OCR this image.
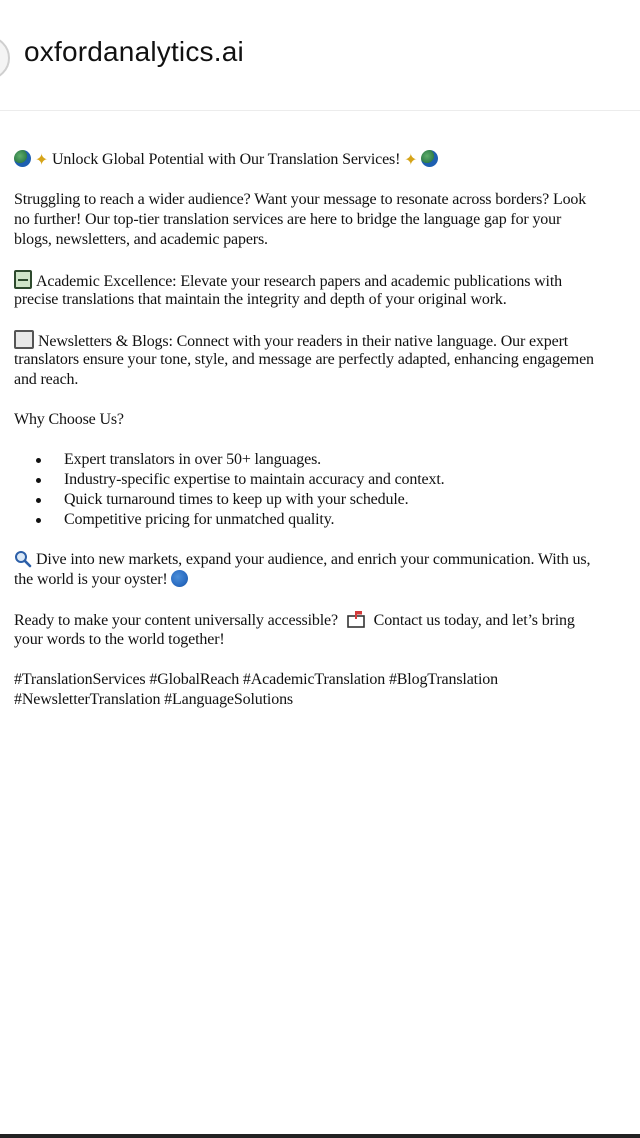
oxfordanalytics.ai
✦ Unlock Global Potential with Our Translation Services! ✦
Struggling to reach a wider audience? Want your message to resonate across borders? Look
no further! Our top-tier translation services are here to bridge the language gap for your
blogs, newsletters, and academic papers.
Academic Excellence: Elevate your research papers and academic publications with
precise translations that maintain the integrity and depth of your original work.
Newsletters & Blogs: Connect with your readers in their native language. Our expert
translators ensure your tone, style, and message are perfectly adapted, enhancing engagemen
and reach.
Why Choose Us?
Expert translators in over 50+ languages.
Industry-specific expertise to maintain accuracy and context.
Quick turnaround times to keep up with your schedule.
Competitive pricing for unmatched quality.
Dive into new markets, expand your audience, and enrich your communication. With us,
the world is your oyster!
Ready to make your content universally accessible? Contact us today, and let’s bring
your words to the world together!
#TranslationServices #GlobalReach #AcademicTranslation #BlogTranslation
#NewsletterTranslation #LanguageSolutions
